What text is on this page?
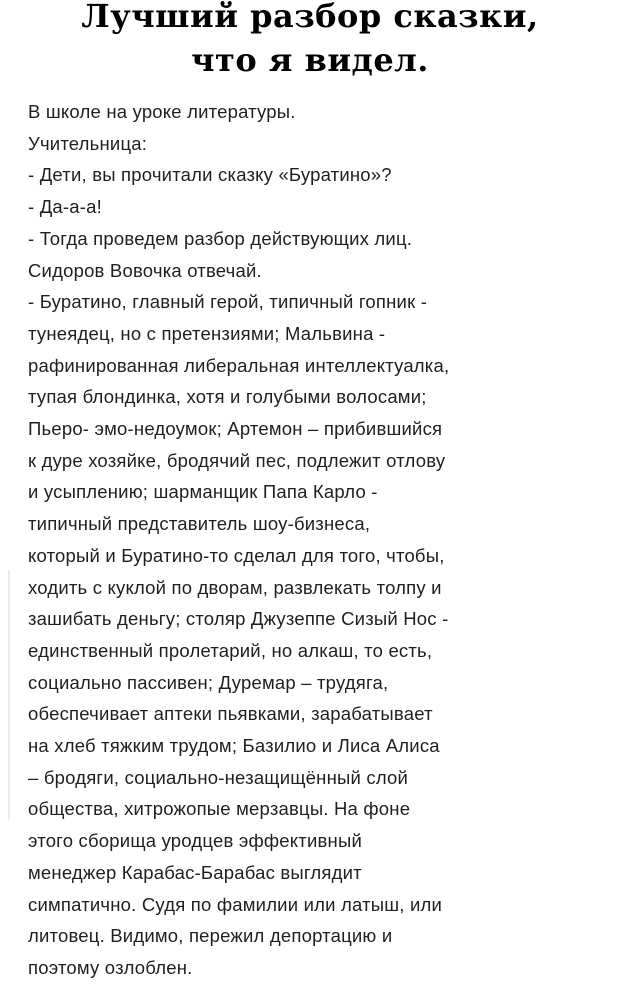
Лучший разбор сказки,
что я видел.
В школе на уроке литературы.
Учительница:
- Дети, вы прочитали сказку «Буратино»?
- Да-а-а!
- Тогда проведем разбор действующих лиц.
Сидоров Вовочка отвечай.
- Буратино, главный герой, типичный гопник -
тунеядец, но с претензиями; Мальвина -
рафинированная либеральная интеллектуалка,
тупая блондинка, хотя и голубыми волосами;
Пьеро- эмо-недоумок; Артемон – прибившийся
к дуре хозяйке, бродячий пес, подлежит отлову
и усыплению; шарманщик Папа Карло -
типичный представитель шоу-бизнеса,
который и Буратино-то сделал для того, чтобы,
ходить с куклой по дворам, развлекать толпу и
зашибать деньгу; столяр Джузеппе Сизый Нос -
единственный пролетарий, но алкаш, то есть,
социально пассивен; Дуремар – трудяга,
обеспечивает аптеки пьявками, зарабатывает
на хлеб тяжким трудом; Базилио и Лиса Алиса
– бродяги, социально-незащищённый слой
общества, хитрожопые мерзавцы. На фоне
этого сборища уродцев эффективный
менеджер Карабас-Барабас выглядит
симпатично. Судя по фамилии или латыш, или
литовец. Видимо, пережил депортацию и
поэтому озлоблен.
